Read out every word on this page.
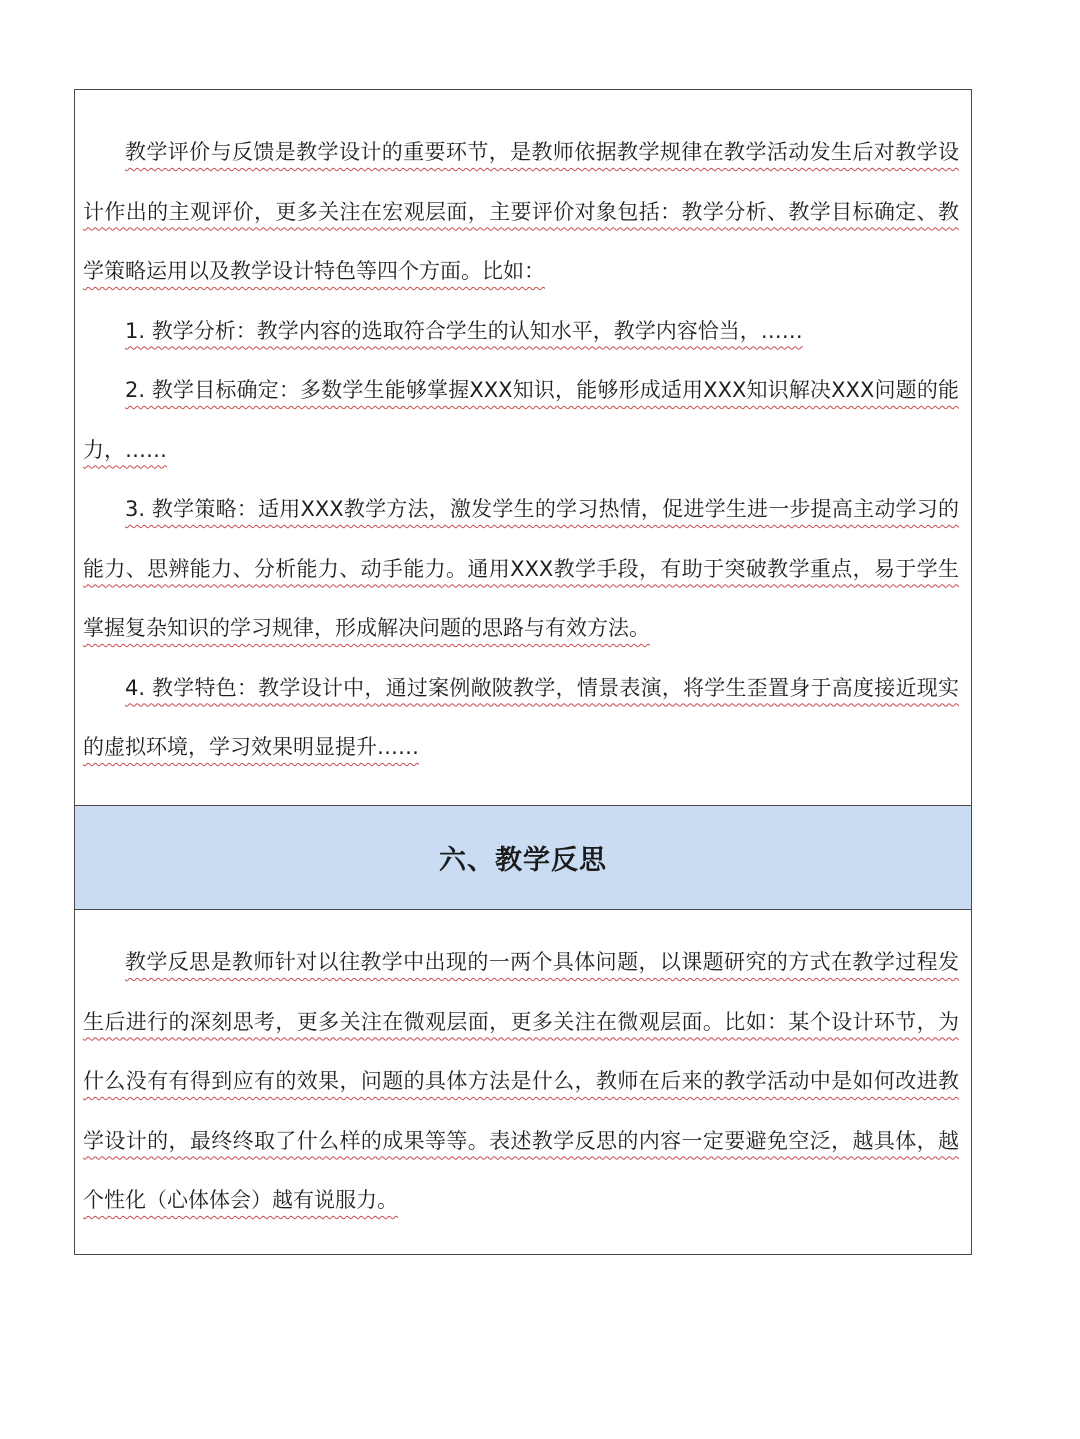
教学评价与反馈是教学设计的重要环节，是教师依据教学规律在教学活动发生后对教学设计作出的主观评价，更多关注在宏观层面，主要评价对象包括：教学分析、教学目标确定、教学策略运用以及教学设计特色等四个方面。比如：

1. 教学分析：教学内容的选取符合学生的认知水平，教学内容恰当，……

2. 教学目标确定：多数学生能够掌握XXX知识，能够形成适用XXX知识解决XXX问题的能力，……

3. 教学策略：适用XXX教学方法，激发学生的学习热情，促进学生进一步提高主动学习的能力、思辨能力、分析能力、动手能力。通用XXX教学手段，有助于突破教学重点，易于学生掌握复杂知识的学习规律，形成解决问题的思路与有效方法。

4. 教学特色：教学设计中，通过案例敞陂教学，情景表演，将学生歪置身于高度接近现实的虚拟环境，学习效果明显提升……

六、教学反思

教学反思是教师针对以往教学中出现的一两个具体问题，以课题研究的方式在教学过程发生后进行的深刻思考，更多关注在微观层面，更多关注在微观层面。比如：某个设计环节，为什么没有有得到应有的效果，问题的具体方法是什么，教师在后来的教学活动中是如何改进教学设计的，最终终取了什么样的成果等等。表述教学反思的内容一定要避免空泛，越具体，越个性化（心体体会）越有说服力。
